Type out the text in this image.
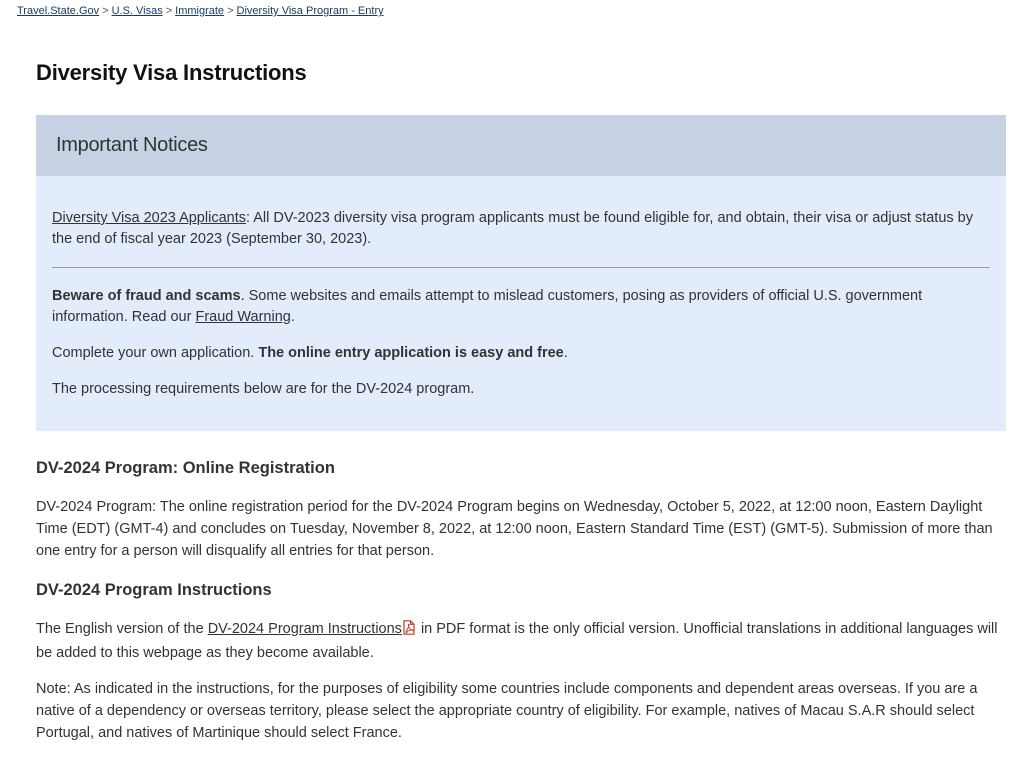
Travel.State.Gov > U.S. Visas > Immigrate > Diversity Visa Program - Entry
Diversity Visa Instructions
Important Notices

Diversity Visa 2023 Applicants: All DV-2023 diversity visa program applicants must be found eligible for, and obtain, their visa or adjust status by the end of fiscal year 2023 (September 30, 2023).

Beware of fraud and scams. Some websites and emails attempt to mislead customers, posing as providers of official U.S. government information. Read our Fraud Warning.

Complete your own application. The online entry application is easy and free.

The processing requirements below are for the DV-2024 program.

DV-2024 Program: Online Registration

DV-2024 Program: The online registration period for the DV-2024 Program begins on Wednesday, October 5, 2022, at 12:00 noon, Eastern Daylight Time (EDT) (GMT-4) and concludes on Tuesday, November 8, 2022, at 12:00 noon, Eastern Standard Time (EST) (GMT-5). Submission of more than one entry for a person will disqualify all entries for that person.

DV-2024 Program Instructions

The English version of the DV-2024 Program Instructions in PDF format is the only official version. Unofficial translations in additional languages will be added to this webpage as they become available.

Note: As indicated in the instructions, for the purposes of eligibility some countries include components and dependent areas overseas. If you are a native of a dependency or overseas territory, please select the appropriate country of eligibility. For example, natives of Macau S.A.R should select Portugal, and natives of Martinique should select France.
